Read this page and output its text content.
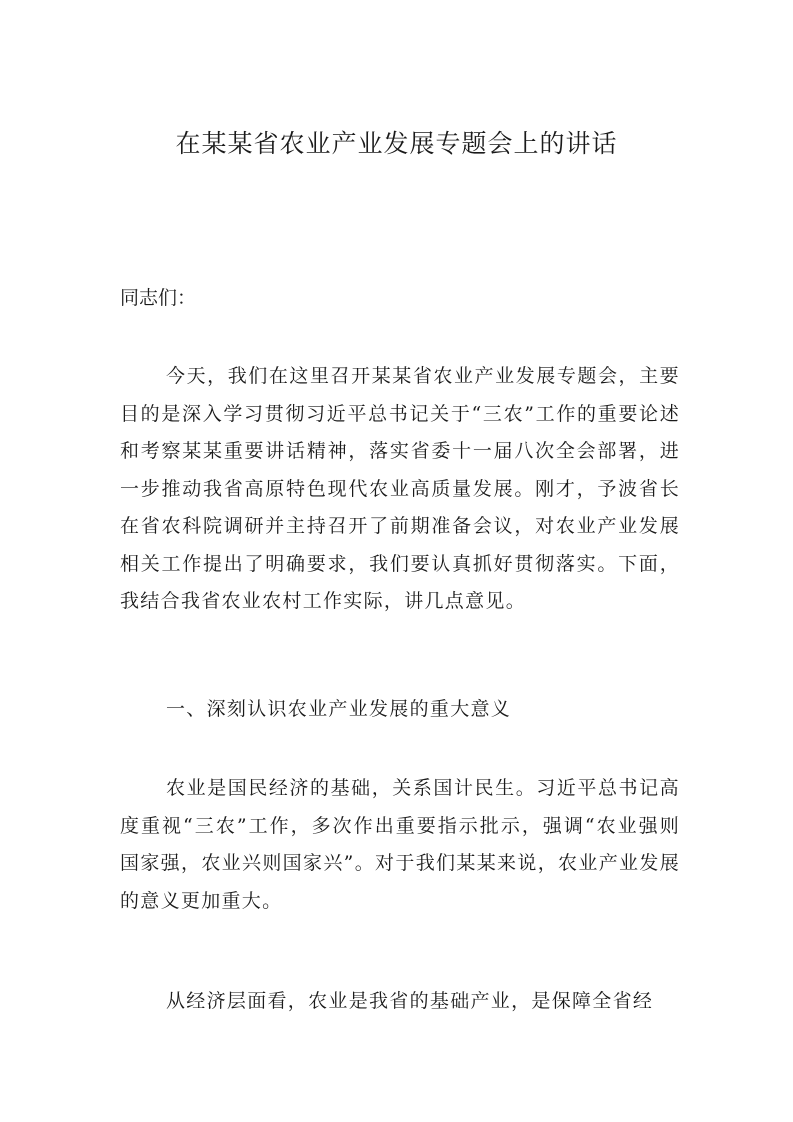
在某某省农业产业发展专题会上的讲话

同志们：

今天，我们在这里召开某某省农业产业发展专题会，主要目的是深入学习贯彻习近平总书记关于“三农”工作的重要论述和考察某某重要讲话精神，落实省委十一届八次全会部署，进一步推动我省高原特色现代农业高质量发展。刚才，予波省长在省农科院调研并主持召开了前期准备会议，对农业产业发展相关工作提出了明确要求，我们要认真抓好贯彻落实。下面，我结合我省农业农村工作实际，讲几点意见。

一、深刻认识农业产业发展的重大意义

农业是国民经济的基础，关系国计民生。习近平总书记高度重视“三农”工作，多次作出重要指示批示，强调“农业强则国家强，农业兴则国家兴”。对于我们某某来说，农业产业发展的意义更加重大。

从经济层面看，农业是我省的基础产业，是保障全省经
